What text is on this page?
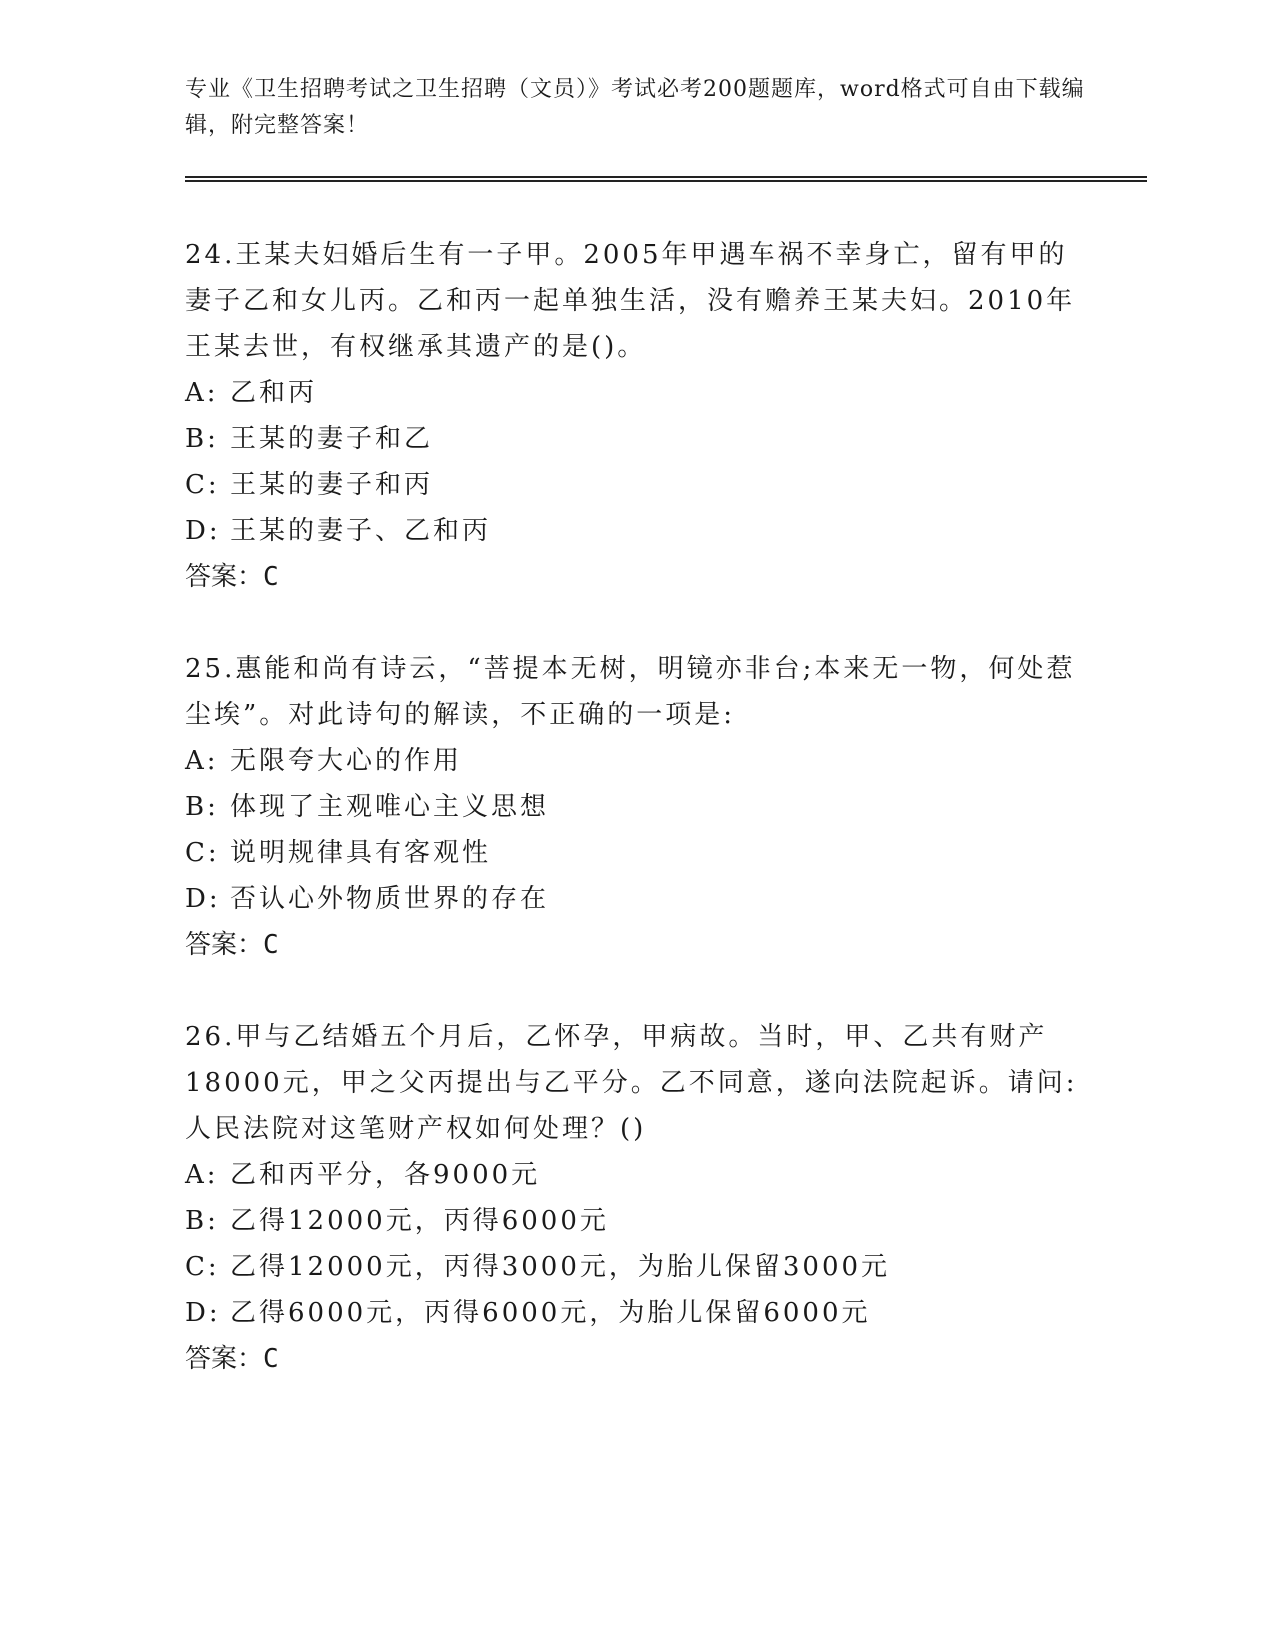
专业《卫生招聘考试之卫生招聘（文员）》考试必考200题题库，word格式可自由下载编辑，附完整答案！

24.王某夫妇婚后生有一子甲。2005年甲遇车祸不幸身亡，留有甲的妻子乙和女儿丙。乙和丙一起单独生活，没有赡养王某夫妇。2010年王某去世，有权继承其遗产的是()。

A: 乙和丙

B: 王某的妻子和乙

C: 王某的妻子和丙

D: 王某的妻子、乙和丙

答案：C

25.惠能和尚有诗云，“菩提本无树，明镜亦非台;本来无一物，何处惹尘埃”。对此诗句的解读，不正确的一项是:

A: 无限夸大心的作用

B: 体现了主观唯心主义思想

C: 说明规律具有客观性

D: 否认心外物质世界的存在

答案：C

26.甲与乙结婚五个月后，乙怀孕，甲病故。当时，甲、乙共有财产18000元，甲之父丙提出与乙平分。乙不同意，遂向法院起诉。请问:人民法院对这笔财产权如何处理？()

A: 乙和丙平分，各9000元

B: 乙得12000元，丙得6000元

C: 乙得12000元，丙得3000元，为胎儿保留3000元

D: 乙得6000元，丙得6000元，为胎儿保留6000元

答案：C
